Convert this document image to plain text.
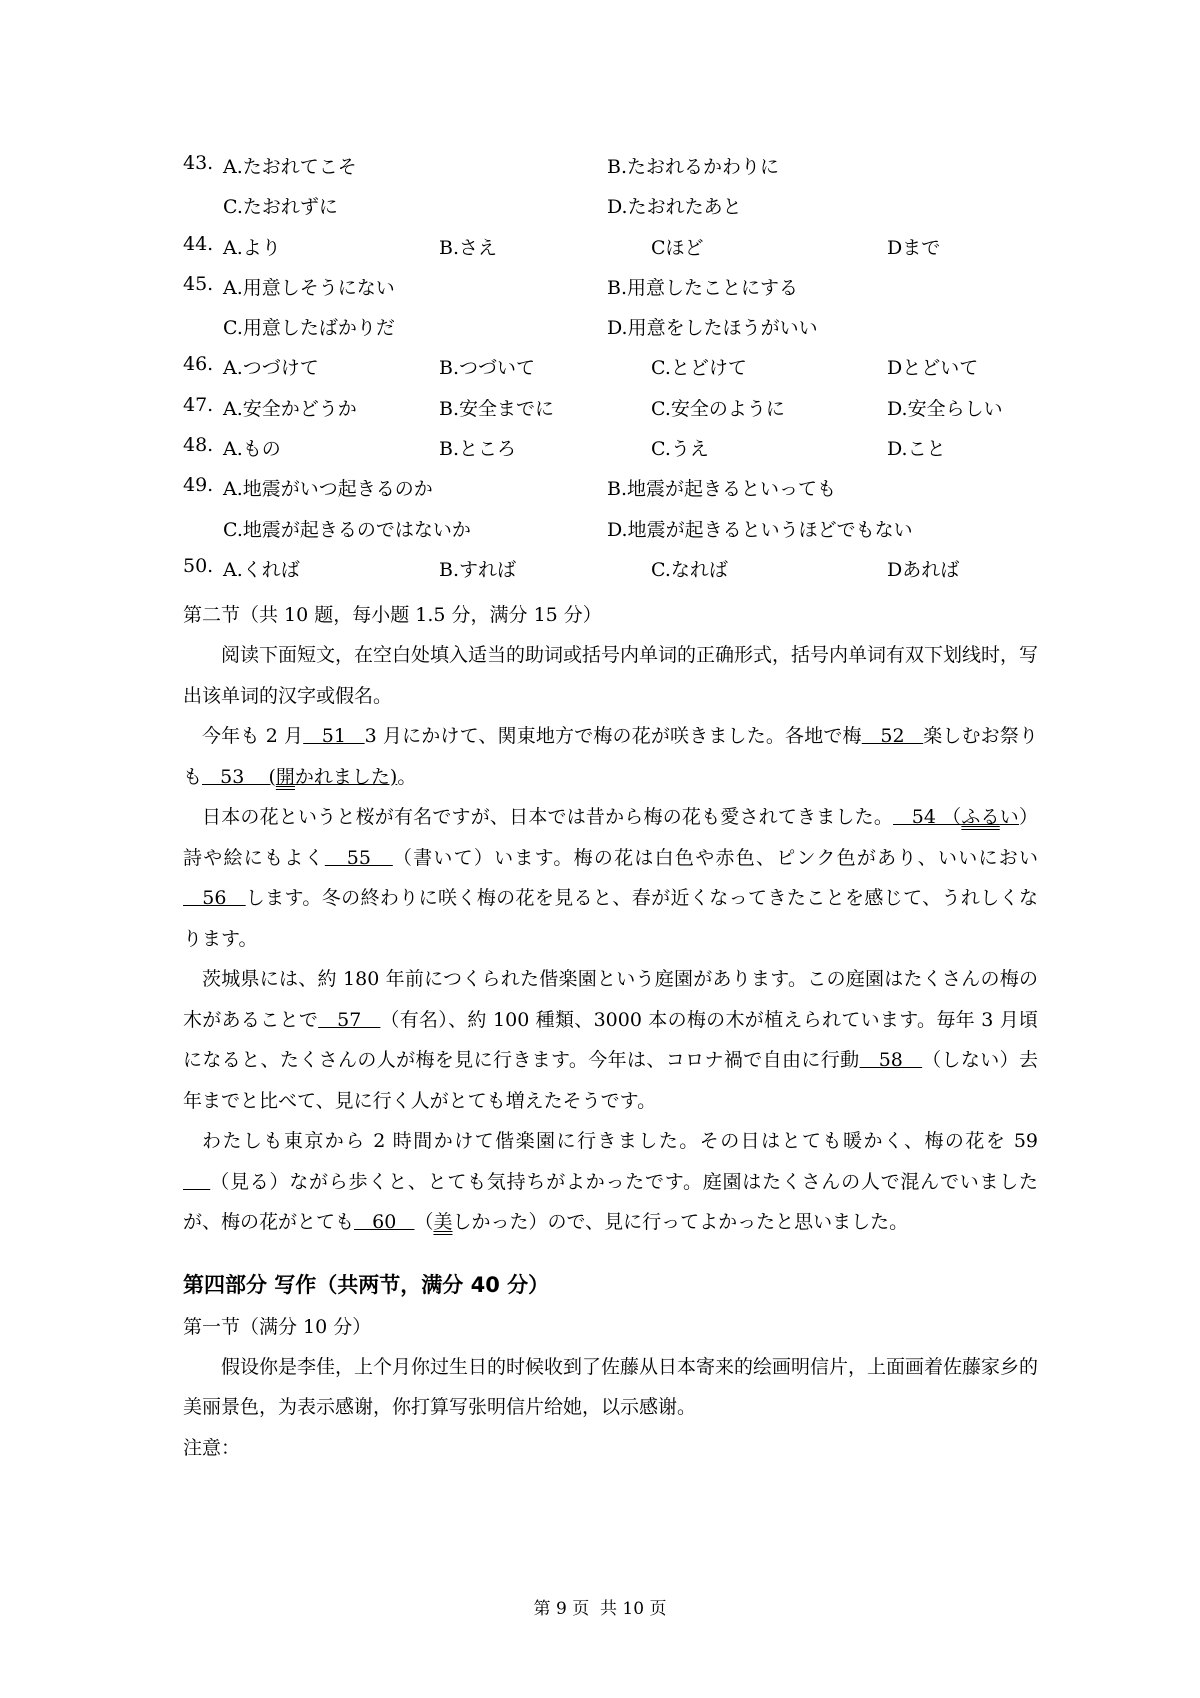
43. A.たおれてこそ	B.たおれるかわりに
C.たおれずに	D.たおれたあと
44. A.より	B.さえ	Cほど	Dまで
45. A.用意しそうにない	B.用意したことにする
C.用意したばかりだ	D.用意をしたほうがいい
46. A.つづけて	B.つづいて	C.とどけて	Dとどいて
47. A.安全かどうか	B.安全までに	C.安全のように	D.安全らしい
48. A.もの	B.ところ	C.うえ	D.こと
49. A.地震がいつ起きるのか	B.地震が起きるといっても
C.地震が起きるのではないか	D.地震が起きるというほどでもない
50. A.くれば	B.すれば	C.なれば	Dあれば
第二节（共 10 题，每小题 1.5 分，满分 15 分）
阅读下面短文，在空白处填入适当的助词或括号内单词的正确形式，括号内单词有双下划线时，写出该单词的汉字或假名。
今年も 2 月   51   3 月にかけて、関東地方で梅の花が咲きました。各地で梅   52   楽しむお祭りも   53    (開かれました)。
日本の花というと桜が有名ですが、日本では昔から梅の花も愛されてきました。   54 （ふるい）詩や絵にもよく   55   （書いて）います。梅の花は白色や赤色、ピンク色があり、いいにおい   56   します。冬の終わりに咲く梅の花を見ると、春が近くなってきたことを感じて、うれしくなります。
茨城県には、約 180 年前につくられた偕楽園という庭園があります。この庭園はたくさんの梅の木があることで   57   （有名）、約 100 種類、3000 本の梅の木が植えられています。毎年 3 月頃になると、たくさんの人が梅を見に行きます。今年は、コロナ禍で自由に行動   58   （しない）去年までと比べて、見に行く人がとても増えたそうです。
わたしも東京から 2 時間かけて偕楽園に行きました。その日はとても暖かく、梅の花を 59    （見る）ながら歩くと、とても気持ちがよかったです。庭園はたくさんの人で混んでいましたが、梅の花がとても   60   （美しかった）ので、見に行ってよかったと思いました。
第四部分 写作（共两节，满分 40 分）
第一节（满分 10 分）
假设你是李佳，上个月你过生日的时候收到了佐藤从日本寄来的绘画明信片，上面画着佐藤家乡的美丽景色，为表示感谢，你打算写张明信片给她，以示感谢。
注意：
第 9 页  共 10 页
